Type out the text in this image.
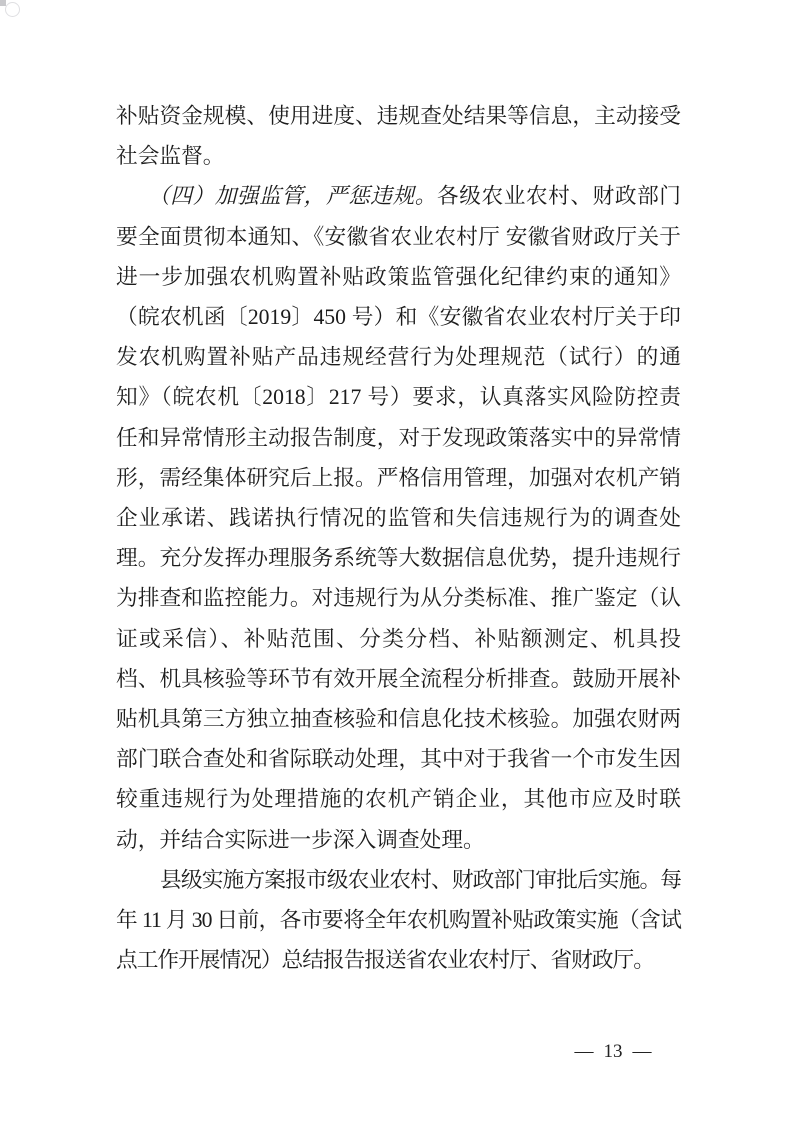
补贴资金规模、使用进度、违规查处结果等信息，主动接受社会监督。

（四）加强监管，严惩违规。各级农业农村、财政部门要全面贯彻本通知、《安徽省农业农村厅 安徽省财政厅关于进一步加强农机购置补贴政策监管强化纪律约束的通知》（皖农机函〔2019〕450 号）和《安徽省农业农村厅关于印发农机购置补贴产品违规经营行为处理规范（试行）的通知》（皖农机〔2018〕217 号）要求，认真落实风险防控责任和异常情形主动报告制度，对于发现政策落实中的异常情形，需经集体研究后上报。严格信用管理，加强对农机产销企业承诺、践诺执行情况的监管和失信违规行为的调查处理。充分发挥办理服务系统等大数据信息优势，提升违规行为排查和监控能力。对违规行为从分类标准、推广鉴定（认证或采信）、补贴范围、分类分档、补贴额测定、机具投档、机具核验等环节有效开展全流程分析排查。鼓励开展补贴机具第三方独立抽查核验和信息化技术核验。加强农财两部门联合查处和省际联动处理，其中对于我省一个市发生因较重违规行为处理措施的农机产销企业，其他市应及时联动，并结合实际进一步深入调查处理。

县级实施方案报市级农业农村、财政部门审批后实施。每年 11 月 30 日前，各市要将全年农机购置补贴政策实施（含试点工作开展情况）总结报告报送省农业农村厅、省财政厅。

— 13 —
